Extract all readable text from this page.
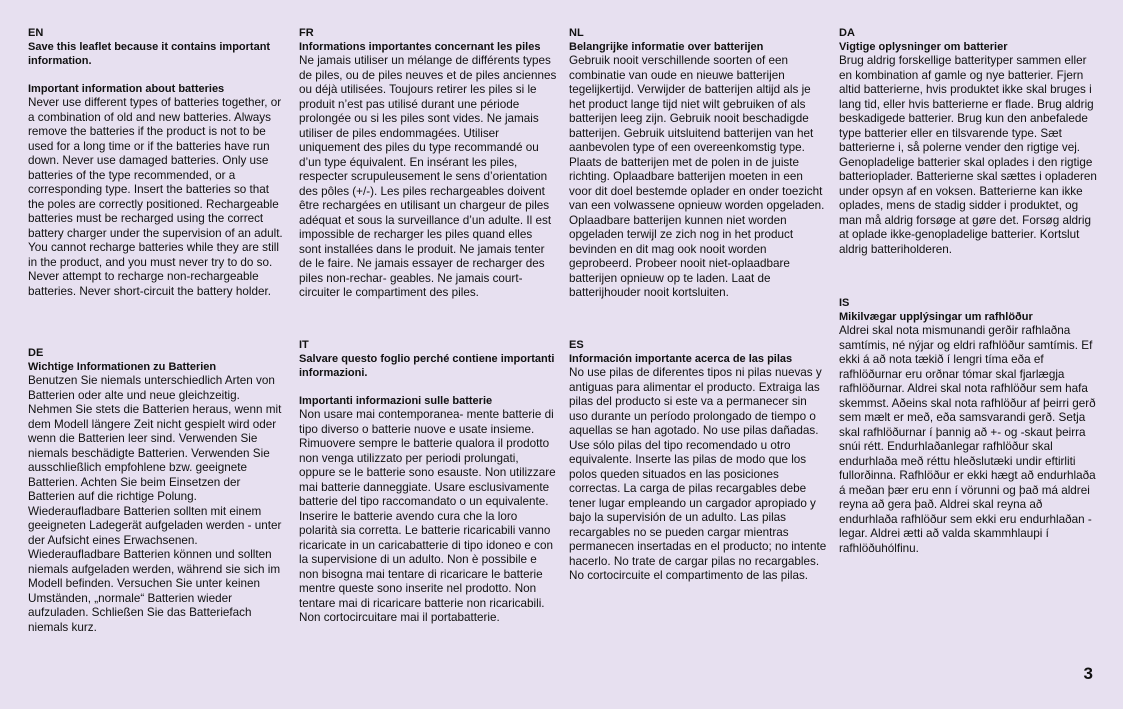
EN
Save this leaflet because it contains important information.
Important information about batteries
Never use different types of batteries together, or a combination of old and new batteries. Always remove the batteries if the product is not to be used for a long time or if the batteries have run down. Never use damaged batteries. Only use batteries of the type recommended, or a corresponding type. Insert the batteries so that the poles are correctly positioned. Rechargeable batteries must be recharged using the correct battery charger under the supervision of an adult. You cannot recharge batteries while they are still in the product, and you must never try to do so. Never attempt to recharge non-rechargeable batteries. Never short-circuit the battery holder.
DE
Wichtige Informationen zu Batterien
Benutzen Sie niemals unterschiedlich Arten von Batterien oder alte und neue gleichzeitig. Nehmen Sie stets die Batterien heraus, wenn mit dem Modell längere Zeit nicht gespielt wird oder wenn die Batterien leer sind. Verwenden Sie niemals beschädigte Batterien. Verwenden Sie ausschließlich empfohlene bzw. geeignete Batterien. Achten Sie beim Einsetzen der Batterien auf die richtige Polung. Wiederaufladbare Batterien sollten mit einem geeigneten Ladegerät aufgeladen werden - unter der Aufsicht eines Erwachsenen. Wiederaufladbare Batterien können und sollten niemals aufgeladen werden, während sie sich im Modell befinden. Versuchen Sie unter keinen Umständen, „normale“ Batterien wieder aufzuladen. Schließen Sie das Batteriefach niemals kurz.
FR
Informations importantes concernant les piles
Ne jamais utiliser un mélange de différents types de piles, ou de piles neuves et de piles anciennes ou déjà utilisées. Toujours retirer les piles si le produit n’est pas utilisé durant une période prolongée ou si les piles sont vides. Ne jamais utiliser de piles endommagées. Utiliser uniquement des piles du type recommandé ou d’un type équivalent. En insérant les piles, respecter scrupuleusement le sens d’orientation des pôles (+/-). Les piles rechargeables doivent être rechargées en utilisant un chargeur de piles adéquat et sous la surveillance d’un adulte. Il est impossible de recharger les piles quand elles sont installées dans le produit. Ne jamais tenter de le faire. Ne jamais essayer de recharger des piles non-rechar- geables. Ne jamais court-circuiter le compartiment des piles.
IT
Salvare questo foglio perché contiene importanti informazioni.
Importanti informazioni sulle batterie
Non usare mai contemporanea- mente batterie di tipo diverso o batterie nuove e usate insieme. Rimuovere sempre le batterie qualora il prodotto non venga utilizzato per periodi prolungati, oppure se le batterie sono esauste. Non utilizzare mai batterie danneggiate. Usare esclusivamente batterie del tipo raccomandato o un equivalente. Inserire le batterie avendo cura che la loro polarità sia corretta. Le batterie ricaricabili vanno ricaricate in un caricabatterie di tipo idoneo e con la supervisione di un adulto. Non è possibile e non bisogna mai tentare di ricaricare le batterie mentre queste sono inserite nel prodotto. Non tentare mai di ricaricare batterie non ricaricabili. Non cortocircuitare mai il portabatterie.
NL
Belangrijke informatie over batterijen
Gebruik nooit verschillende soorten of een combinatie van oude en nieuwe batterijen tegelijkertijd. Verwijder de batterijen altijd als je het product lange tijd niet wilt gebruiken of als batterijen leeg zijn. Gebruik nooit beschadigde batterijen. Gebruik uitsluitend batterijen van het aanbevolen type of een overeenkomstig type. Plaats de batterijen met de polen in de juiste richting. Oplaadbare batterijen moeten in een voor dit doel bestemde oplader en onder toezicht van een volwassene opnieuw worden opgeladen. Oplaadbare batterijen kunnen niet worden opgeladen terwijl ze zich nog in het product bevinden en dit mag ook nooit worden geprobeerd. Probeer nooit niet-oplaadbare batterijen opnieuw op te laden. Laat de batterijhouder nooit kortsluiten.
ES
Información importante acerca de las pilas
No use pilas de diferentes tipos ni pilas nuevas y antiguas para alimentar el producto. Extraiga las pilas del producto si este va a permanecer sin uso durante un período prolongado de tiempo o aquellas se han agotado. No use pilas dañadas. Use sólo pilas del tipo recomendado u otro equivalente. Inserte las pilas de modo que los polos queden situados en las posiciones correctas. La carga de pilas recargables debe tener lugar empleando un cargador apropiado y bajo la supervisión de un adulto. Las pilas recargables no se pueden cargar mientras permanecen insertadas en el producto; no intente hacerlo. No trate de cargar pilas no recargables. No cortocircuite el compartimento de las pilas.
DA
Vigtige oplysninger om batterier
Brug aldrig forskellige batterityper sammen eller en kombination af gamle og nye batterier. Fjern altid batterierne, hvis produktet ikke skal bruges i lang tid, eller hvis batterierne er flade. Brug aldrig beskadigede batterier. Brug kun den anbefalede type batterier eller en tilsvarende type. Sæt batterierne i, så polerne vender den rigtige vej. Genopladelige batterier skal oplades i den rigtige batterioplader. Batterierne skal sættes i opladeren under opsyn af en voksen. Batterierne kan ikke oplades, mens de stadig sidder i produktet, og man må aldrig forsøge at gøre det. Forsøg aldrig at oplade ikke-genopladelige batterier. Kortslut aldrig batteriholderen.
IS
Mikilvægar upplýsingar um rafhlöður
Aldrei skal nota mismunandi gerðir rafhlaðna samtímis, né nýjar og eldri rafhlöður samtímis. Ef ekki á að nota tækið í lengri tíma eða ef rafhlöðurnar eru orðnar tómar skal fjarlægja rafhlöðurnar. Aldrei skal nota rafhlöður sem hafa skemmst. Aðeins skal nota rafhlöður af þeirri gerð sem mælt er með, eða samsvarandi gerð. Setja skal rafhlöðurnar í þannig að +- og -skaut þeirra snúi rétt. Endurhlaðanlegar rafhlöður skal endurhlaða með réttu hleðslutæki undir eftirliti fullorðinna. Rafhlöður er ekki hægt að endurhlaða á meðan þær eru enn í vörunni og það má aldrei reyna að gera það. Aldrei skal reyna að endurhlaða rafhlöður sem ekki eru endurhlaðan -legar. Aldrei ætti að valda skammhlaupi í rafhlöðuhólfinu.
3
